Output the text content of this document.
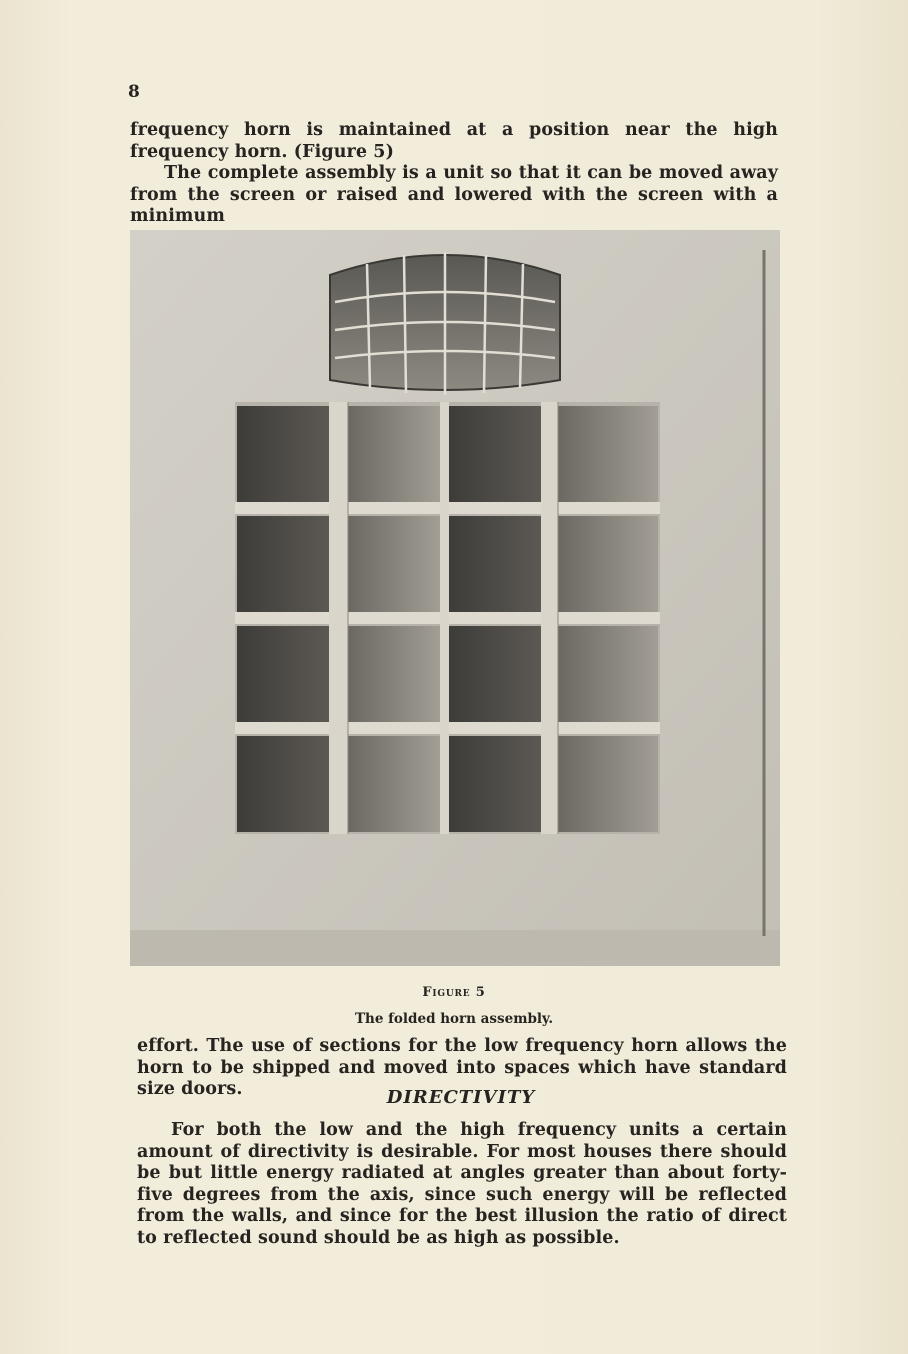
8

frequency horn is maintained at a position near the high frequency horn. (Figure 5)

The complete assembly is a unit so that it can be moved away from the screen or raised and lowered with the screen with a minimum

Figure 5
The folded horn assembly.

effort. The use of sections for the low frequency horn allows the horn to be shipped and moved into spaces which have standard size doors.	DIRECTIVITY

For both the low and the high frequency units a certain amount of directivity is desirable. For most houses there should be but little energy radiated at angles greater than about forty-five degrees from the axis, since such energy will be reflected from the walls, and since for the best illusion the ratio of direct to reflected sound should be as high as possible.
